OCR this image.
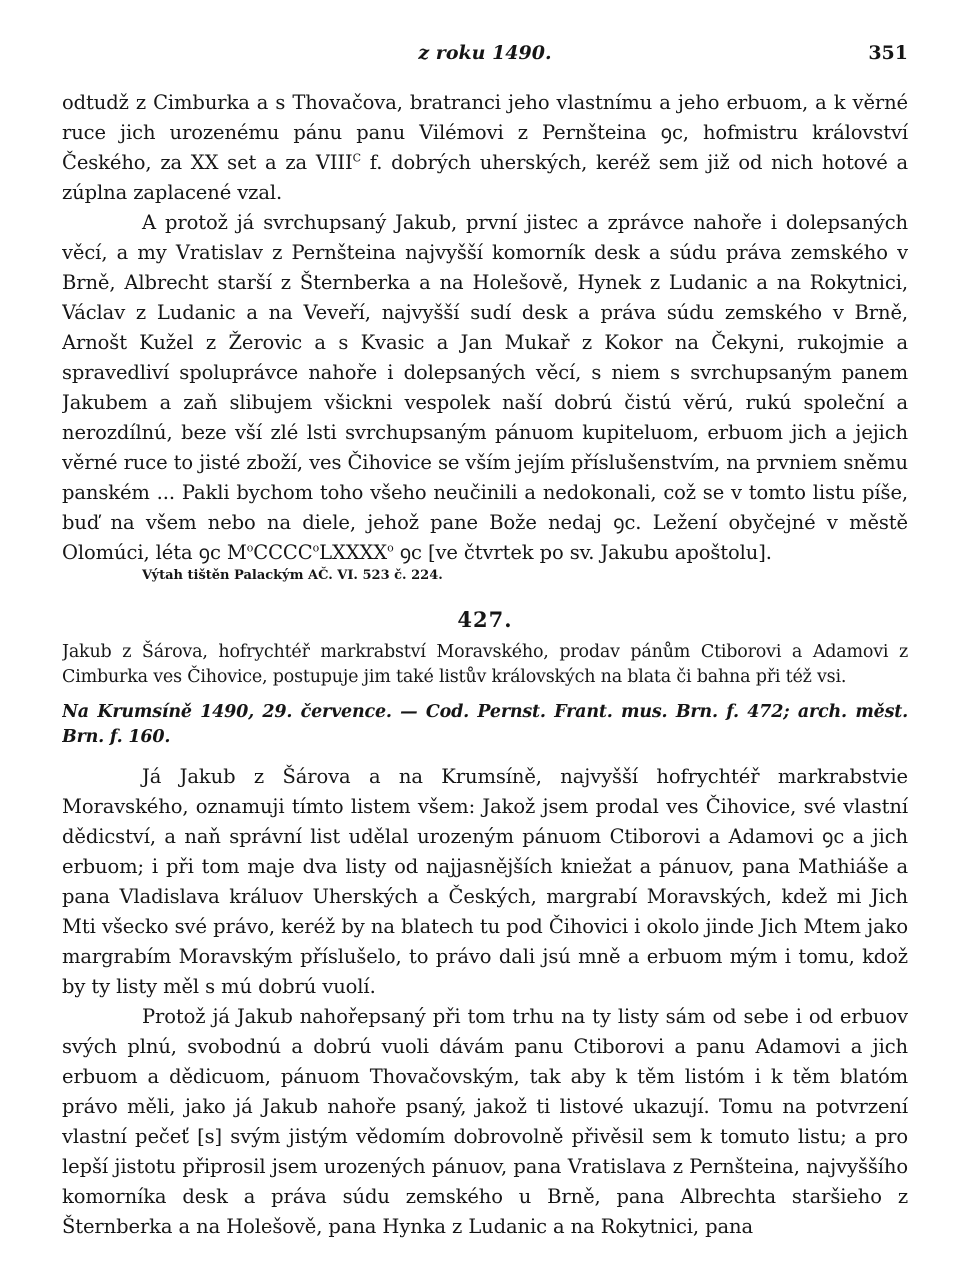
z roku 1490.	351

odtudž z Cimburka a s Thovačova, bratranci jeho vlastnímu a jeho erbuom, a k věrné ruce jich urozenému pánu panu Vilémovi z Pernšteina ꝯc, hofmistru království Českého, za XX set a za $VIII^C$ f. dobrých uherských, keréž sem již od nich hotové a zúplna zaplacené vzal.

A protož já svrchupsaný Jakub, první jistec a zprávce nahoře i dolepsaných věcí, a my Vratislav z Pernšteina najvyšší komorník desk a súdu práva zemského v Brně, Albrecht starší z Šternberka a na Holešově, Hynek z Ludanic a na Rokytnici, Václav z Ludanic a na Veveří, najvyšší sudí desk a práva súdu zemského v Brně, Arnošt Kužel z Žerovic a s Kvasic a Jan Mukař z Kokor na Čekyni, rukojmie a spravedliví spoluprávce nahoře i dolepsaných věcí, s niem s svrchupsaným panem Jakubem a zaň slibujem všickni vespolek naší dobrú čistú věrú, rukú společní a nerozdílnú, beze vší zlé lsti svrchupsaným pánuom kupiteluom, erbuom jich a jejich věrné ruce to jisté zboží, ves Čihovice se vším jejím příslušenstvím, na prvniem sněmu panském ... Pakli bychom toho všeho neučinili a nedokonali, což se v tomto listu píše, buď na všem nebo na diele, jehož pane Bože nedaj ꝯc. Ležení obyčejné v městě Olomúci, léta ꝯc $M^oCCCC^oLXXXX^o$ ꝯc [ve čtvrtek po sv. Jakubu apoštolu].

Výtah tištěn Palackým AČ. VI. 523 č. 224.

427.

Jakub z Šárova, hofrychtéř markrabství Moravského, prodav pánům Ctiborovi a Adamovi z Cimburka ves Čihovice, postupuje jim také listův královských na blata či bahna při též vsi.

Na Krumsíně 1490, 29. července. — Cod. Pernst. Frant. mus. Brn. f. 472; arch. měst. Brn. f. 160.

Já Jakub z Šárova a na Krumsíně, najvyšší hofrychtéř markrabstvie Moravského, oznamuji tímto listem všem: Jakož jsem prodal ves Čihovice, své vlastní dědicství, a naň správní list udělal urozeným pánuom Ctiborovi a Adamovi ꝯc a jich erbuom; i při tom maje dva listy od najjasnějších kniežat a pánuov, pana Mathiáše a pana Vladislava králuov Uherských a Českých, margrabí Moravských, kdež mi Jich Mti všecko své právo, keréž by na blatech tu pod Čihovici i okolo jinde Jich Mtem jako margrabím Moravským příslušelo, to právo dali jsú mně a erbuom mým i tomu, kdož by ty listy měl s mú dobrú vuolí.

Protož já Jakub nahořepsaný při tom trhu na ty listy sám od sebe i od erbuov svých plnú, svobodnú a dobrú vuoli dávám panu Ctiborovi a panu Adamovi a jich erbuom a dědicuom, pánuom Thovačovským, tak aby k těm listóm i k těm blatóm právo měli, jako já Jakub nahoře psaný, jakož ti listové ukazují. Tomu na potvrzení vlastní pečeť [s] svým jistým vědomím dobrovolně přivěsil sem k tomuto listu; a pro lepší jistotu připrosil jsem urozených pánuov, pana Vratislava z Pernšteina, najvyššího komorníka desk a práva súdu zemského u Brně, pana Albrechta staršieho z Šternberka a na Holešově, pana Hynka z Ludanic a na Rokytnici, pana
